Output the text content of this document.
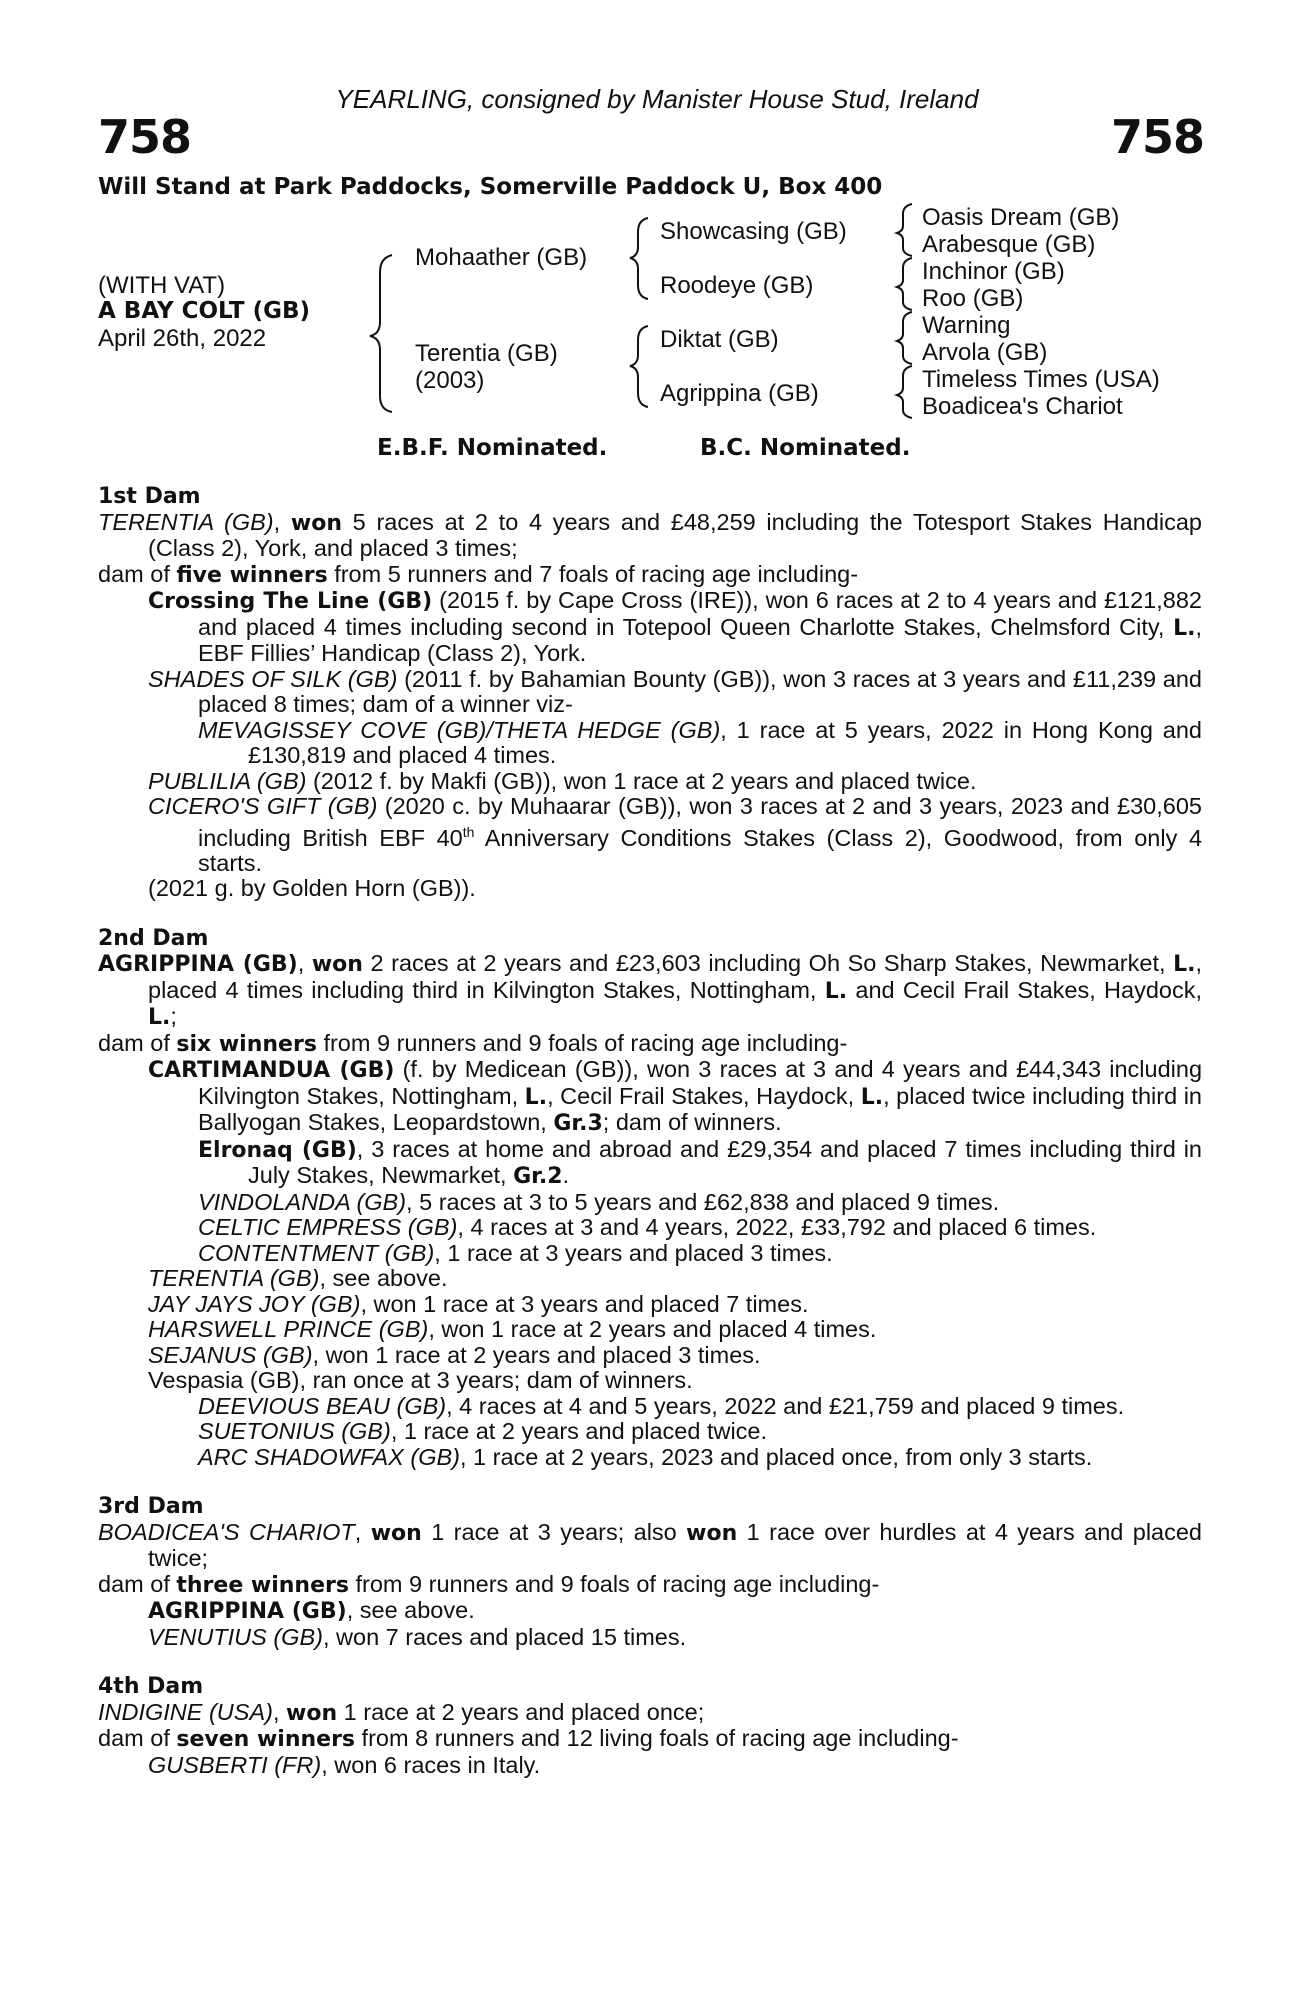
YEARLING, consigned by Manister House Stud, Ireland
758	758
Will Stand at Park Paddocks, Somerville Paddock U, Box 400
(WITH VAT)
A BAY COLT (GB)
April 26th, 2022
Mohaather (GB)
Terentia (GB)
(2003)
Showcasing (GB)
Roodeye (GB)
Diktat (GB)
Agrippina (GB)
Oasis Dream (GB)
Arabesque (GB)
Inchinor (GB)
Roo (GB)
Warning
Arvola (GB)
Timeless Times (USA)
Boadicea's Chariot
E.B.F. Nominated.	B.C. Nominated.

1st Dam

TERENTIA (GB), won 5 races at 2 to 4 years and £48,259 including the Totesport Stakes Handicap (Class 2), York, and placed 3 times;

dam of five winners from 5 runners and 7 foals of racing age including-

Crossing The Line (GB) (2015 f. by Cape Cross (IRE)), won 6 races at 2 to 4 years and £121,882 and placed 4 times including second in Totepool Queen Charlotte Stakes, Chelmsford City, L., EBF Fillies’ Handicap (Class 2), York.

SHADES OF SILK (GB) (2011 f. by Bahamian Bounty (GB)), won 3 races at 3 years and £11,239 and placed 8 times; dam of a winner viz-

MEVAGISSEY COVE (GB)/THETA HEDGE (GB), 1 race at 5 years, 2022 in Hong Kong and £130,819 and placed 4 times.

PUBLILIA (GB) (2012 f. by Makfi (GB)), won 1 race at 2 years and placed twice.

CICERO'S GIFT (GB) (2020 c. by Muhaarar (GB)), won 3 races at 2 and 3 years, 2023 and £30,605 including British EBF 40th Anniversary Conditions Stakes (Class 2), Goodwood, from only 4 starts.

(2021 g. by Golden Horn (GB)).

2nd Dam

AGRIPPINA (GB), won 2 races at 2 years and £23,603 including Oh So Sharp Stakes, Newmarket, L., placed 4 times including third in Kilvington Stakes, Nottingham, L. and Cecil Frail Stakes, Haydock, L.;

dam of six winners from 9 runners and 9 foals of racing age including-

CARTIMANDUA (GB) (f. by Medicean (GB)), won 3 races at 3 and 4 years and £44,343 including Kilvington Stakes, Nottingham, L., Cecil Frail Stakes, Haydock, L., placed twice including third in Ballyogan Stakes, Leopardstown, Gr.3; dam of winners.

Elronaq (GB), 3 races at home and abroad and £29,354 and placed 7 times including third in July Stakes, Newmarket, Gr.2.

VINDOLANDA (GB), 5 races at 3 to 5 years and £62,838 and placed 9 times.

CELTIC EMPRESS (GB), 4 races at 3 and 4 years, 2022, £33,792 and placed 6 times.

CONTENTMENT (GB), 1 race at 3 years and placed 3 times.

TERENTIA (GB), see above.

JAY JAYS JOY (GB), won 1 race at 3 years and placed 7 times.

HARSWELL PRINCE (GB), won 1 race at 2 years and placed 4 times.

SEJANUS (GB), won 1 race at 2 years and placed 3 times.

Vespasia (GB), ran once at 3 years; dam of winners.

DEEVIOUS BEAU (GB), 4 races at 4 and 5 years, 2022 and £21,759 and placed 9 times.

SUETONIUS (GB), 1 race at 2 years and placed twice.

ARC SHADOWFAX (GB), 1 race at 2 years, 2023 and placed once, from only 3 starts.

3rd Dam

BOADICEA'S CHARIOT, won 1 race at 3 years; also won 1 race over hurdles at 4 years and placed twice;

dam of three winners from 9 runners and 9 foals of racing age including-

AGRIPPINA (GB), see above.

VENUTIUS (GB), won 7 races and placed 15 times.

4th Dam

INDIGINE (USA), won 1 race at 2 years and placed once;

dam of seven winners from 8 runners and 12 living foals of racing age including-

GUSBERTI (FR), won 6 races in Italy.
